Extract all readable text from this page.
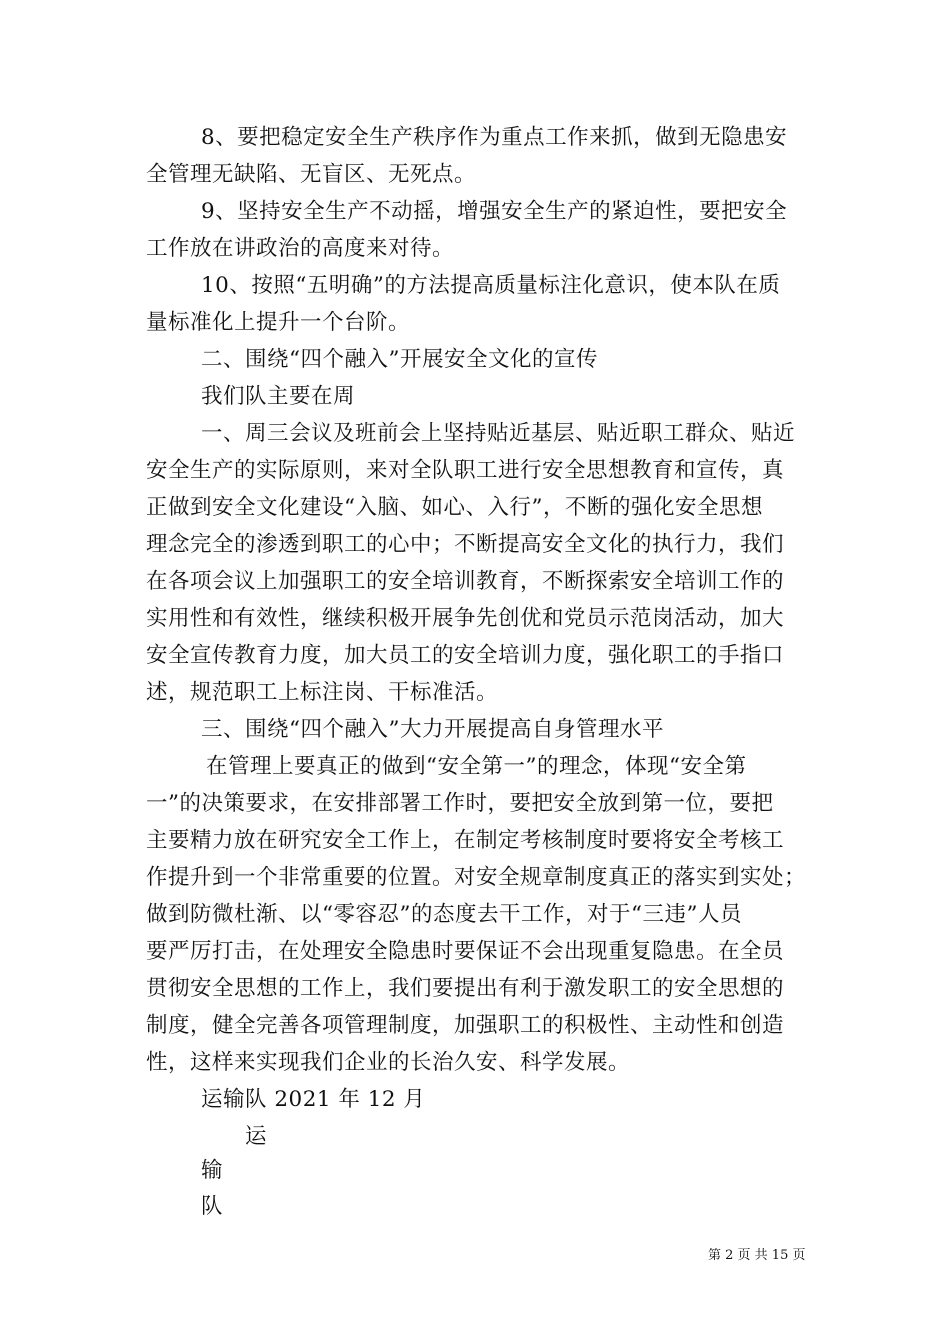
8、要把稳定安全生产秩序作为重点工作来抓，做到无隐患安

全管理无缺陷、无盲区、无死点。

9、坚持安全生产不动摇，增强安全生产的紧迫性，要把安全

工作放在讲政治的高度来对待。

10、按照“五明确”的方法提高质量标注化意识，使本队在质

量标准化上提升一个台阶。

二、围绕“四个融入”开展安全文化的宣传

我们队主要在周

一、周三会议及班前会上坚持贴近基层、贴近职工群众、贴近

安全生产的实际原则，来对全队职工进行安全思想教育和宣传，真

正做到安全文化建设“入脑、如心、入行”，不断的强化安全思想

理念完全的渗透到职工的心中；不断提高安全文化的执行力，我们

在各项会议上加强职工的安全培训教育，不断探索安全培训工作的

实用性和有效性，继续积极开展争先创优和党员示范岗活动，加大

安全宣传教育力度，加大员工的安全培训力度，强化职工的手指口

述，规范职工上标注岗、干标准活。

三、围绕“四个融入”大力开展提高自身管理水平

在管理上要真正的做到“安全第一”的理念，体现“安全第

一”的决策要求，在安排部署工作时，要把安全放到第一位，要把

主要精力放在研究安全工作上，在制定考核制度时要将安全考核工

作提升到一个非常重要的位置。对安全规章制度真正的落实到实处；

做到防微杜渐、以“零容忍”的态度去干工作，对于“三违”人员

要严厉打击，在处理安全隐患时要保证不会出现重复隐患。在全员

贯彻安全思想的工作上，我们要提出有利于激发职工的安全思想的

制度，健全完善各项管理制度，加强职工的积极性、主动性和创造

性，这样来实现我们企业的长治久安、科学发展。

运输队 2021 年 12 月

运

输

队

第 2 页 共 15 页
